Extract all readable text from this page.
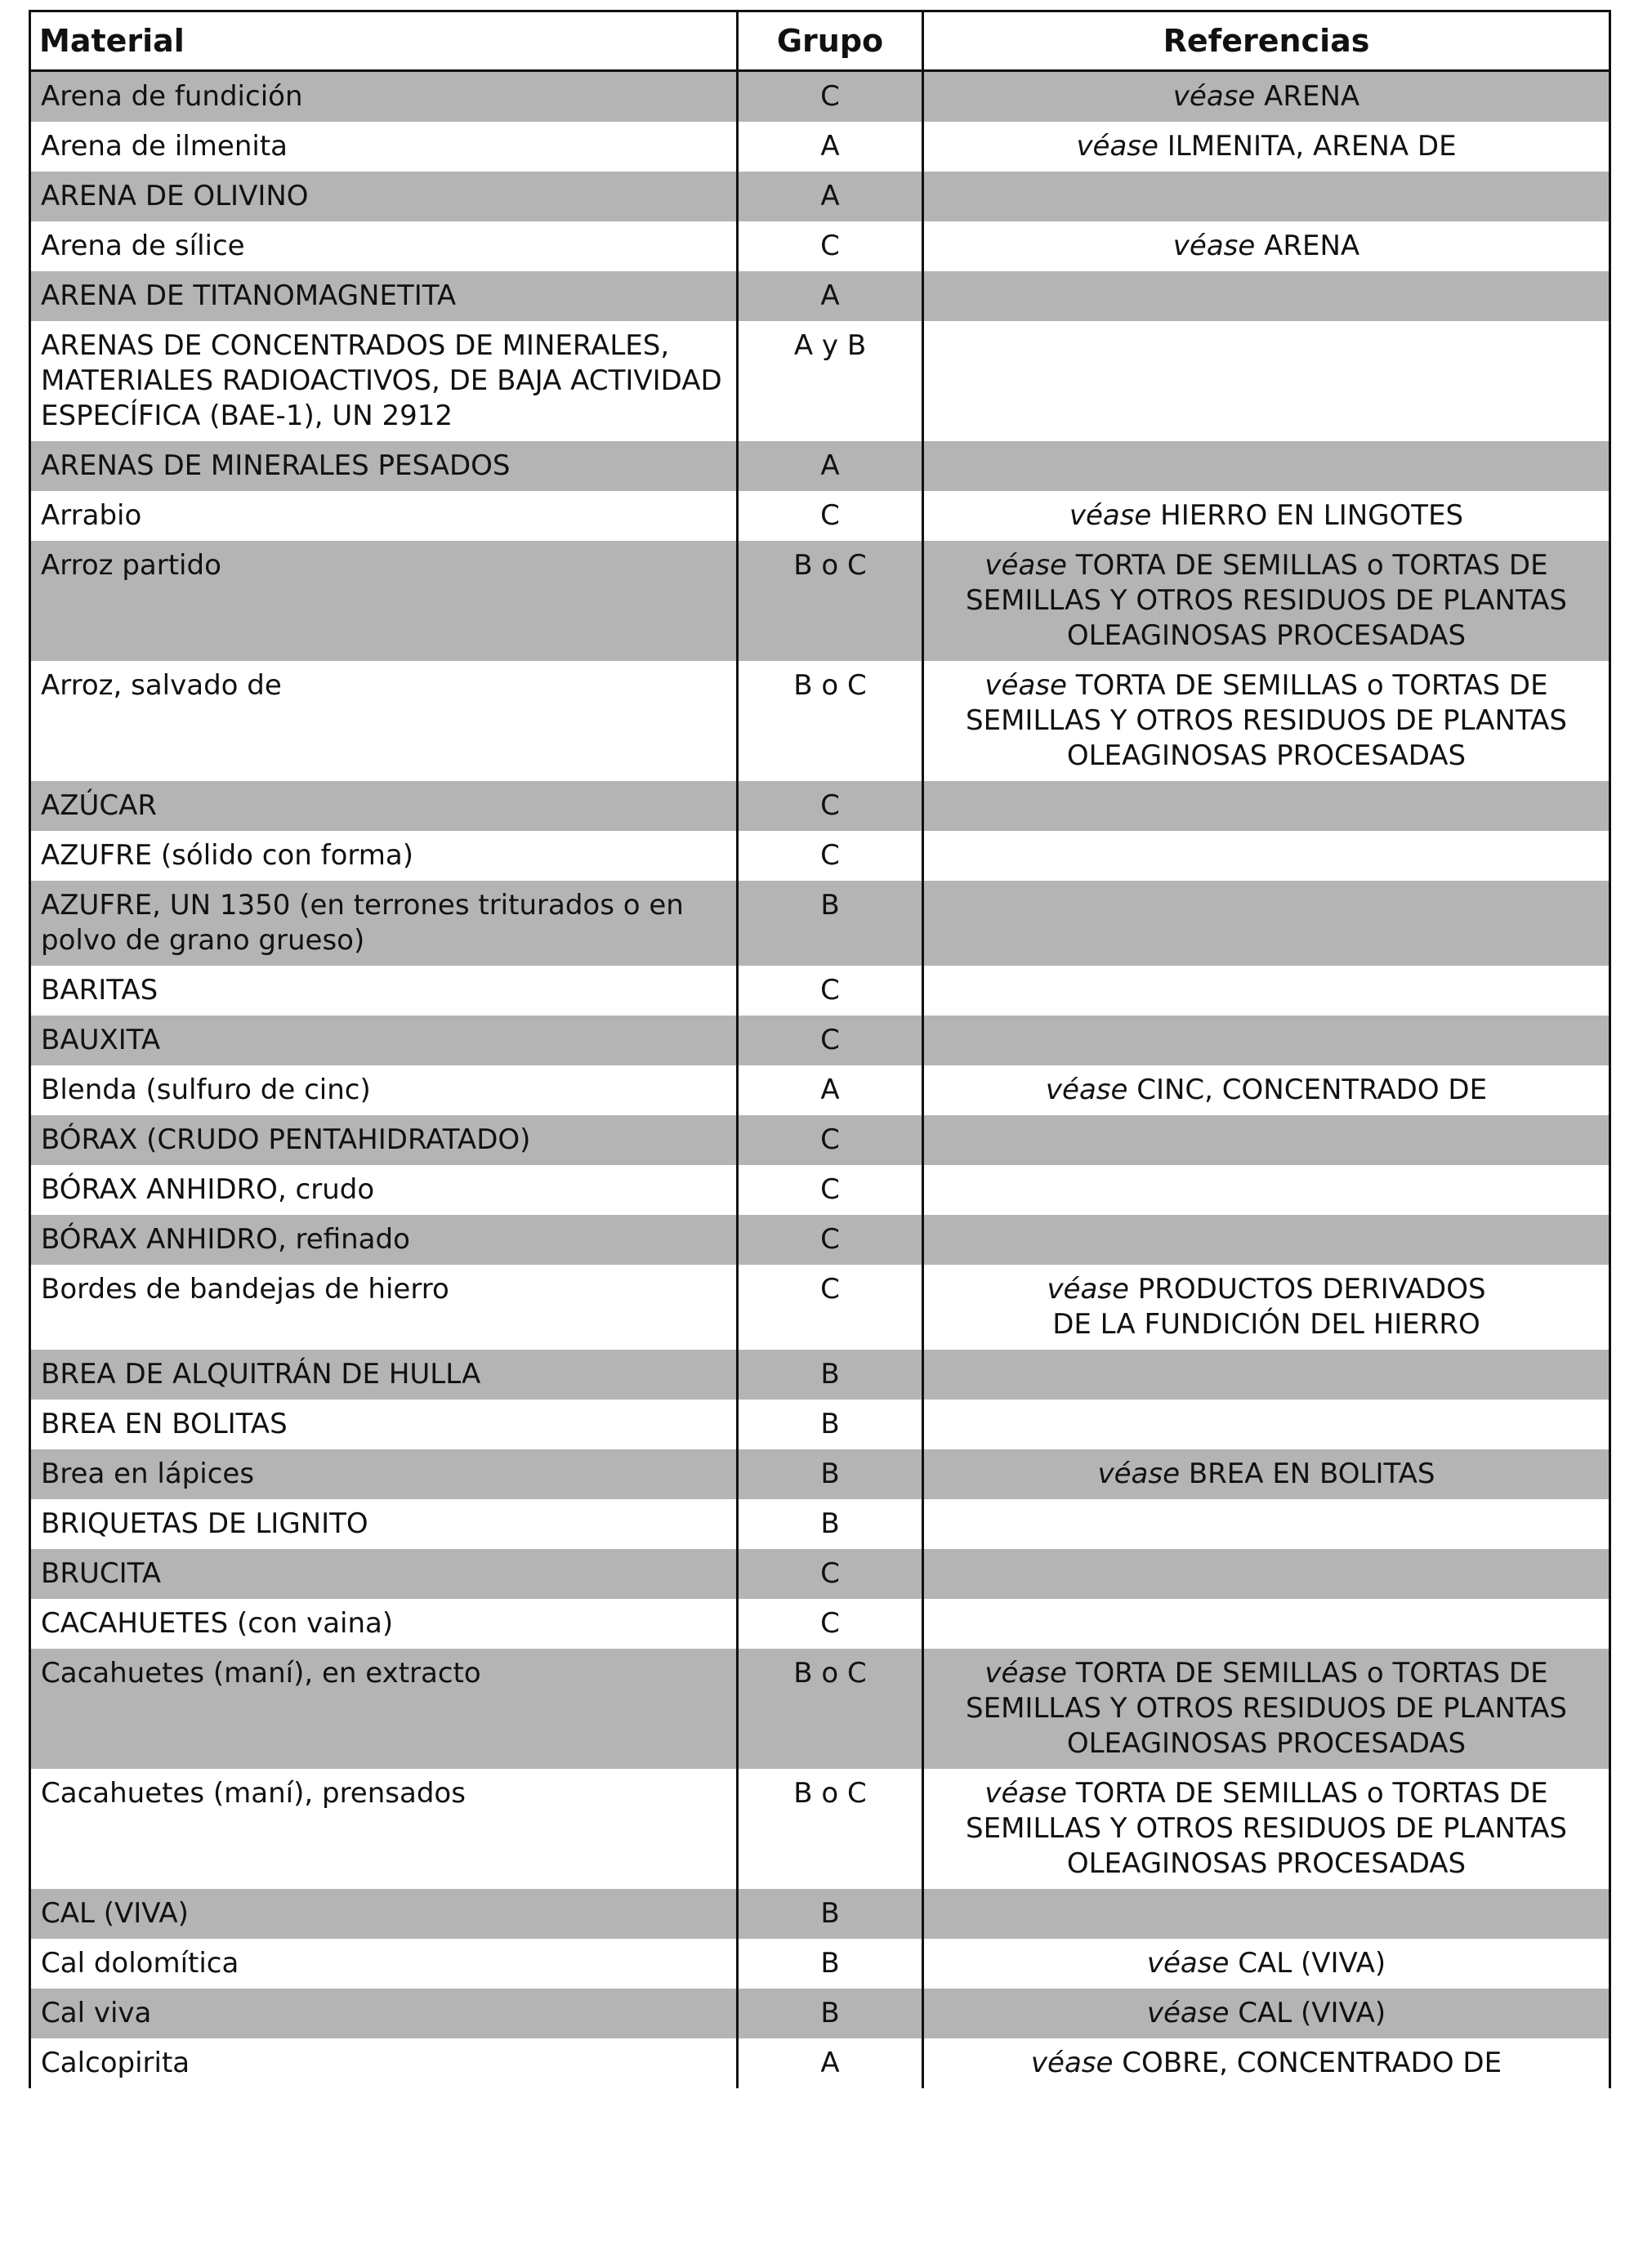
Material	Grupo	Referencias
Arena de fundición	C	véase ARENA

Arena de ilmenita	A	véase ILMENITA, ARENA DE

ARENA DE OLIVINO	A	
Arena de sílice	C	véase ARENA

ARENA DE TITANOMAGNETITA	A	
ARENAS DE CONCENTRADOS DE MINERALES, MATERIALES RADIOACTIVOS, DE BAJA ACTIVIDAD ESPECÍFICA (BAE-1), UN 2912	A y B	
ARENAS DE MINERALES PESADOS	A	
Arrabio	C	véase HIERRO EN LINGOTES

Arroz partido	B o C	véase TORTA DE SEMILLAS o TORTAS DE
SEMILLAS Y OTROS RESIDUOS DE PLANTAS
OLEAGINOSAS PROCESADAS

Arroz, salvado de	B o C	véase TORTA DE SEMILLAS o TORTAS DE
SEMILLAS Y OTROS RESIDUOS DE PLANTAS
OLEAGINOSAS PROCESADAS

AZÚCAR	C	
AZUFRE (sólido con forma)	C	
AZUFRE, UN 1350 (en terrones triturados o en polvo de grano grueso)	B	
BARITAS	C	
BAUXITA	C	
Blenda (sulfuro de cinc)	A	véase CINC, CONCENTRADO DE

BÓRAX (CRUDO PENTAHIDRATADO)	C	
BÓRAX ANHIDRO, crudo	C	
BÓRAX ANHIDRO, refinado	C	
Bordes de bandejas de hierro	C	véase PRODUCTOS DERIVADOS
DE LA FUNDICIÓN DEL HIERRO

BREA DE ALQUITRÁN DE HULLA	B	
BREA EN BOLITAS	B	
Brea en lápices	B	véase BREA EN BOLITAS

BRIQUETAS DE LIGNITO	B	
BRUCITA	C	
CACAHUETES (con vaina)	C	
Cacahuetes (maní), en extracto	B o C	véase TORTA DE SEMILLAS o TORTAS DE
SEMILLAS Y OTROS RESIDUOS DE PLANTAS
OLEAGINOSAS PROCESADAS

Cacahuetes (maní), prensados	B o C	véase TORTA DE SEMILLAS o TORTAS DE
SEMILLAS Y OTROS RESIDUOS DE PLANTAS
OLEAGINOSAS PROCESADAS

CAL (VIVA)	B	
Cal dolomítica	B	véase CAL (VIVA)

Cal viva	B	véase CAL (VIVA)

Calcopirita	A	véase COBRE, CONCENTRADO DE
